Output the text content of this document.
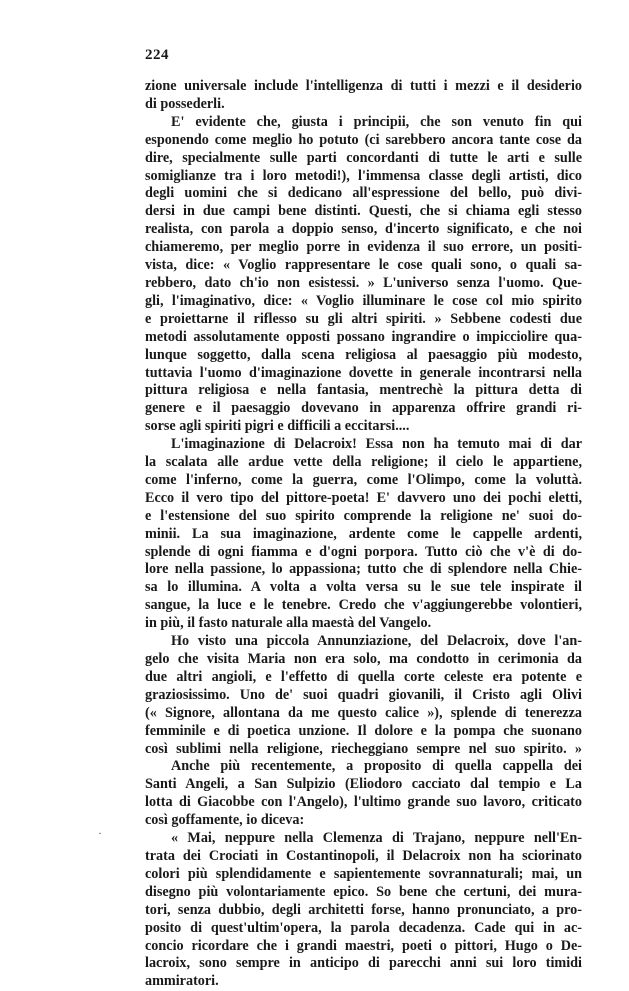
224
zione universale include l'intelligenza di tutti i mezzi e il desiderio
di possederli.
E' evidente che, giusta i principii, che son venuto fin qui
esponendo come meglio ho potuto (ci sarebbero ancora tante cose da
dire, specialmente sulle parti concordanti di tutte le arti e sulle
somiglianze tra i loro metodi!), l'immensa classe degli artisti, dico
degli uomini che si dedicano all'espressione del bello, può divi-
dersi in due campi bene distinti. Questi, che si chiama egli stesso
realista, con parola a doppio senso, d'incerto significato, e che noi
chiameremo, per meglio porre in evidenza il suo errore, un positi-
vista, dice: « Voglio rappresentare le cose quali sono, o quali sa-
rebbero, dato ch'io non esistessi. » L'universo senza l'uomo. Que-
gli, l'imaginativo, dice: « Voglio illuminare le cose col mio spirito
e proiettarne il riflesso su gli altri spiriti. » Sebbene codesti due
metodi assolutamente opposti possano ingrandire o impicciolire qua-
lunque soggetto, dalla scena religiosa al paesaggio più modesto,
tuttavia l'uomo d'imaginazione dovette in generale incontrarsi nella
pittura religiosa e nella fantasia, mentrechè la pittura detta di
genere e il paesaggio dovevano in apparenza offrire grandi ri-
sorse agli spiriti pigri e difficili a eccitarsi....
L'imaginazione di Delacroix! Essa non ha temuto mai di dar
la scalata alle ardue vette della religione; il cielo le appartiene,
come l'inferno, come la guerra, come l'Olimpo, come la voluttà.
Ecco il vero tipo del pittore-poeta! E' davvero uno dei pochi eletti,
e l'estensione del suo spirito comprende la religione ne' suoi do-
minii. La sua imaginazione, ardente come le cappelle ardenti,
splende di ogni fiamma e d'ogni porpora. Tutto ciò che v'è di do-
lore nella passione, lo appassiona; tutto che di splendore nella Chie-
sa lo illumina. A volta a volta versa su le sue tele inspirate il
sangue, la luce e le tenebre. Credo che v'aggiungerebbe volontieri,
in più, il fasto naturale alla maestà del Vangelo.
Ho visto una piccola Annunziazione, del Delacroix, dove l'an-
gelo che visita Maria non era solo, ma condotto in cerimonia da
due altri angioli, e l'effetto di quella corte celeste era potente e
graziosissimo. Uno de' suoi quadri giovanili, il Cristo agli Olivi
(« Signore, allontana da me questo calice »), splende di tenerezza
femminile e di poetica unzione. Il dolore e la pompa che suonano
così sublimi nella religione, riecheggiano sempre nel suo spirito. »
Anche più recentemente, a proposito di quella cappella dei
Santi Angeli, a San Sulpizio (Eliodoro cacciato dal tempio e La
lotta di Giacobbe con l'Angelo), l'ultimo grande suo lavoro, criticato
così goffamente, io diceva:
« Mai, neppure nella Clemenza di Trajano, neppure nell'En-
trata dei Crociati in Costantinopoli, il Delacroix non ha sciorinato
colori più splendidamente e sapientemente sovrannaturali; mai, un
disegno più volontariamente epico. So bene che certuni, dei mura-
tori, senza dubbio, degli architetti forse, hanno pronunciato, a pro-
posito di quest'ultim'opera, la parola decadenza. Cade qui in ac-
concio ricordare che i grandi maestri, poeti o pittori, Hugo o De-
lacroix, sono sempre in anticipo di parecchi anni sui loro timidi
ammiratori.
·
